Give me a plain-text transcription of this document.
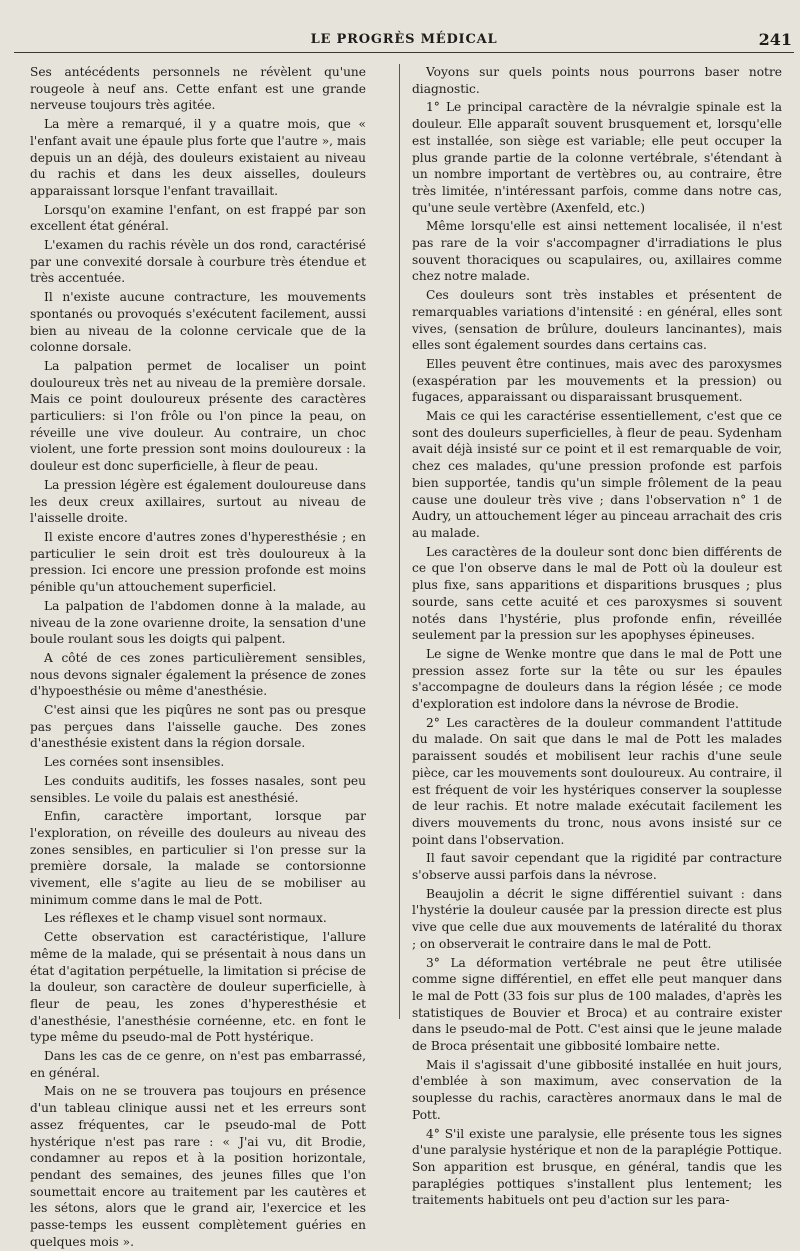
LE PROGRÈS MÉDICAL	241

Ses antécédents personnels ne révèlent qu'une rougeole à neuf ans. Cette enfant est une grande nerveuse toujours très agitée.

La mère a remarqué, il y a quatre mois, que « l'enfant avait une épaule plus forte que l'autre », mais depuis un an déjà, des douleurs existaient au niveau du rachis et dans les deux aisselles, douleurs apparaissant lorsque l'enfant travaillait.

Lorsqu'on examine l'enfant, on est frappé par son excellent état général.

L'examen du rachis révèle un dos rond, caractérisé par une convexité dorsale à courbure très étendue et très accentuée.

Il n'existe aucune contracture, les mouvements spontanés ou provoqués s'exécutent facilement, aussi bien au niveau de la colonne cervicale que de la colonne dorsale.

La palpation permet de localiser un point douloureux très net au niveau de la première dorsale. Mais ce point douloureux présente des caractères particuliers: si l'on frôle ou l'on pince la peau, on réveille une vive douleur. Au contraire, un choc violent, une forte pression sont moins douloureux : la douleur est donc superficielle, à fleur de peau.

La pression légère est également douloureuse dans les deux creux axillaires, surtout au niveau de l'aisselle droite.

Il existe encore d'autres zones d'hyperesthésie ; en particulier le sein droit est très douloureux à la pression. Ici encore une pression profonde est moins pénible qu'un attouchement superficiel.

La palpation de l'abdomen donne à la malade, au niveau de la zone ovarienne droite, la sensation d'une boule roulant sous les doigts qui palpent.

A côté de ces zones particulièrement sensibles, nous devons signaler également la présence de zones d'hypoesthésie ou même d'anesthésie.

C'est ainsi que les piqûres ne sont pas ou presque pas perçues dans l'aisselle gauche. Des zones d'anesthésie existent dans la région dorsale.

Les cornées sont insensibles.

Les conduits auditifs, les fosses nasales, sont peu sensibles. Le voile du palais est anesthésié.

Enfin, caractère important, lorsque par l'exploration, on réveille des douleurs au niveau des zones sensibles, en particulier si l'on presse sur la première dorsale, la malade se contorsionne vivement, elle s'agite au lieu de se mobiliser au minimum comme dans le mal de Pott.

Les réflexes et le champ visuel sont normaux.

Cette observation est caractéristique, l'allure même de la malade, qui se présentait à nous dans un état d'agitation perpétuelle, la limitation si précise de la douleur, son caractère de douleur superficielle, à fleur de peau, les zones d'hyperesthésie et d'anesthésie, l'anesthésie cornéenne, etc. en font le type même du pseudo-mal de Pott hystérique.

Dans les cas de ce genre, on n'est pas embarrassé, en général.

Mais on ne se trouvera pas toujours en présence d'un tableau clinique aussi net et les erreurs sont assez fréquentes, car le pseudo-mal de Pott hystérique n'est pas rare : « J'ai vu, dit Brodie, condamner au repos et à la position horizontale, pendant des semaines, des jeunes filles que l'on soumettait encore au traitement par les cautères et les sétons, alors que le grand air, l'exercice et les passe-temps les eussent complètement guéries en quelques mois ».

Voyons sur quels points nous pourrons baser notre diagnostic.

1° Le principal caractère de la névralgie spinale est la douleur. Elle apparaît souvent brusquement et, lorsqu'elle est installée, son siège est variable; elle peut occuper la plus grande partie de la colonne vertébrale, s'étendant à un nombre important de vertèbres ou, au contraire, être très limitée, n'intéressant parfois, comme dans notre cas, qu'une seule vertèbre (Axenfeld, etc.)

Même lorsqu'elle est ainsi nettement localisée, il n'est pas rare de la voir s'accompagner d'irradiations le plus souvent thoraciques ou scapulaires, ou, axillaires comme chez notre malade.

Ces douleurs sont très instables et présentent de remarquables variations d'intensité : en général, elles sont vives, (sensation de brûlure, douleurs lancinantes), mais elles sont également sourdes dans certains cas.

Elles peuvent être continues, mais avec des paroxysmes (exaspération par les mouvements et la pression) ou fugaces, apparaissant ou disparaissant brusquement.

Mais ce qui les caractérise essentiellement, c'est que ce sont des douleurs superficielles, à fleur de peau. Sydenham avait déjà insisté sur ce point et il est remarquable de voir, chez ces malades, qu'une pression profonde est parfois bien supportée, tandis qu'un simple frôlement de la peau cause une douleur très vive ; dans l'observation n° 1 de Audry, un attouchement léger au pinceau arrachait des cris au malade.

Les caractères de la douleur sont donc bien différents de ce que l'on observe dans le mal de Pott où la douleur est plus fixe, sans apparitions et disparitions brusques ; plus sourde, sans cette acuité et ces paroxysmes si souvent notés dans l'hystérie, plus profonde enfin, réveillée seulement par la pression sur les apophyses épineuses.

Le signe de Wenke montre que dans le mal de Pott une pression assez forte sur la tête ou sur les épaules s'accompagne de douleurs dans la région lésée ; ce mode d'exploration est indolore dans la névrose de Brodie.

2° Les caractères de la douleur commandent l'attitude du malade. On sait que dans le mal de Pott les malades paraissent soudés et mobilisent leur rachis d'une seule pièce, car les mouvements sont douloureux. Au contraire, il est fréquent de voir les hystériques conserver la souplesse de leur rachis. Et notre malade exécutait facilement les divers mouvements du tronc, nous avons insisté sur ce point dans l'observation.

Il faut savoir cependant que la rigidité par contracture s'observe aussi parfois dans la névrose.

Beaujolin a décrit le signe différentiel suivant : dans l'hystérie la douleur causée par la pression directe est plus vive que celle due aux mouvements de latéralité du thorax ; on observerait le contraire dans le mal de Pott.

3° La déformation vertébrale ne peut être utilisée comme signe différentiel, en effet elle peut manquer dans le mal de Pott (33 fois sur plus de 100 malades, d'après les statistiques de Bouvier et Broca) et au contraire exister dans le pseudo-mal de Pott. C'est ainsi que le jeune malade de Broca présentait une gibbosité lombaire nette.

Mais il s'agissait d'une gibbosité installée en huit jours, d'emblée à son maximum, avec conservation de la souplesse du rachis, caractères anormaux dans le mal de Pott.

4° S'il existe une paralysie, elle présente tous les signes d'une paralysie hystérique et non de la paraplégie Pottique. Son apparition est brusque, en général, tandis que les paraplégies pottiques s'installent plus lentement; les traitements habituels ont peu d'action sur les para-
